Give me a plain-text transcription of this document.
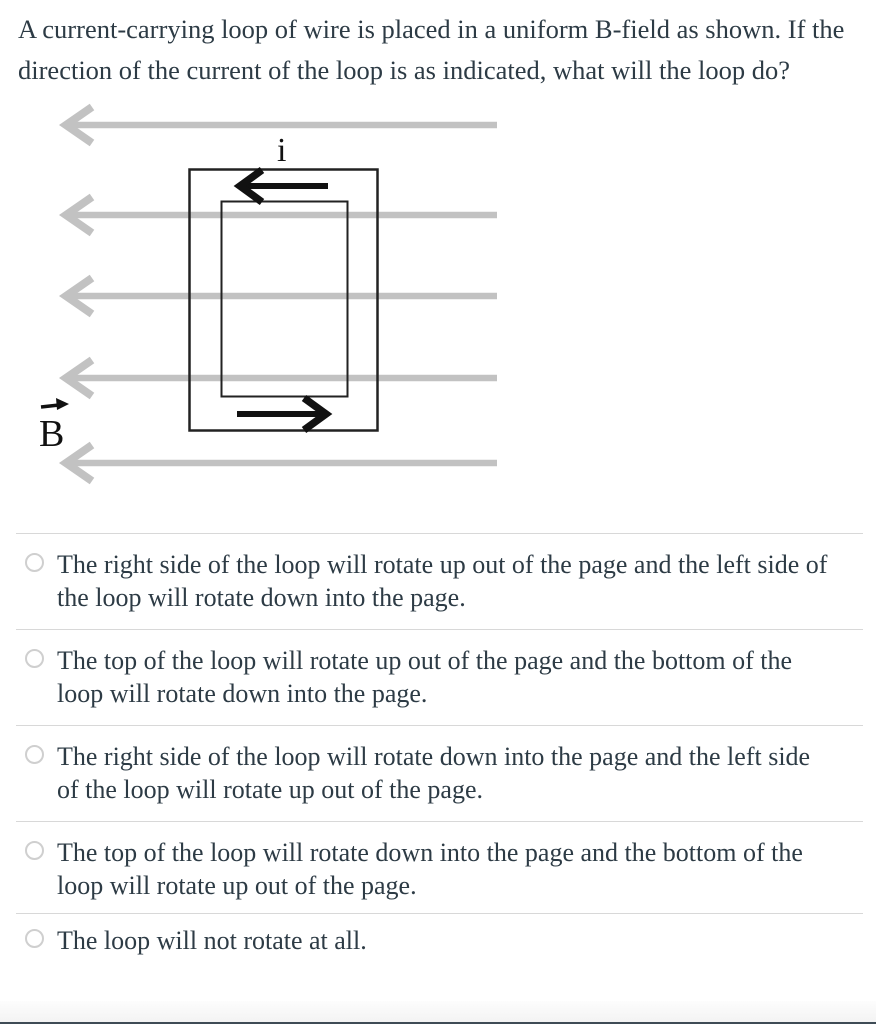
A current-carrying loop of wire is placed in a uniform B-field as shown. If the direction of the current of the loop is as indicated, what will the loop do?
i
B
The right side of the loop will rotate up out of the page and the left side of the loop will rotate down into the page.
The top of the loop will rotate up out of the page and the bottom of the loop will rotate down into the page.
The right side of the loop will rotate down into the page and the left side of the loop will rotate up out of the page.
The top of the loop will rotate down into the page and the bottom of the loop will rotate up out of the page.
The loop will not rotate at all.
